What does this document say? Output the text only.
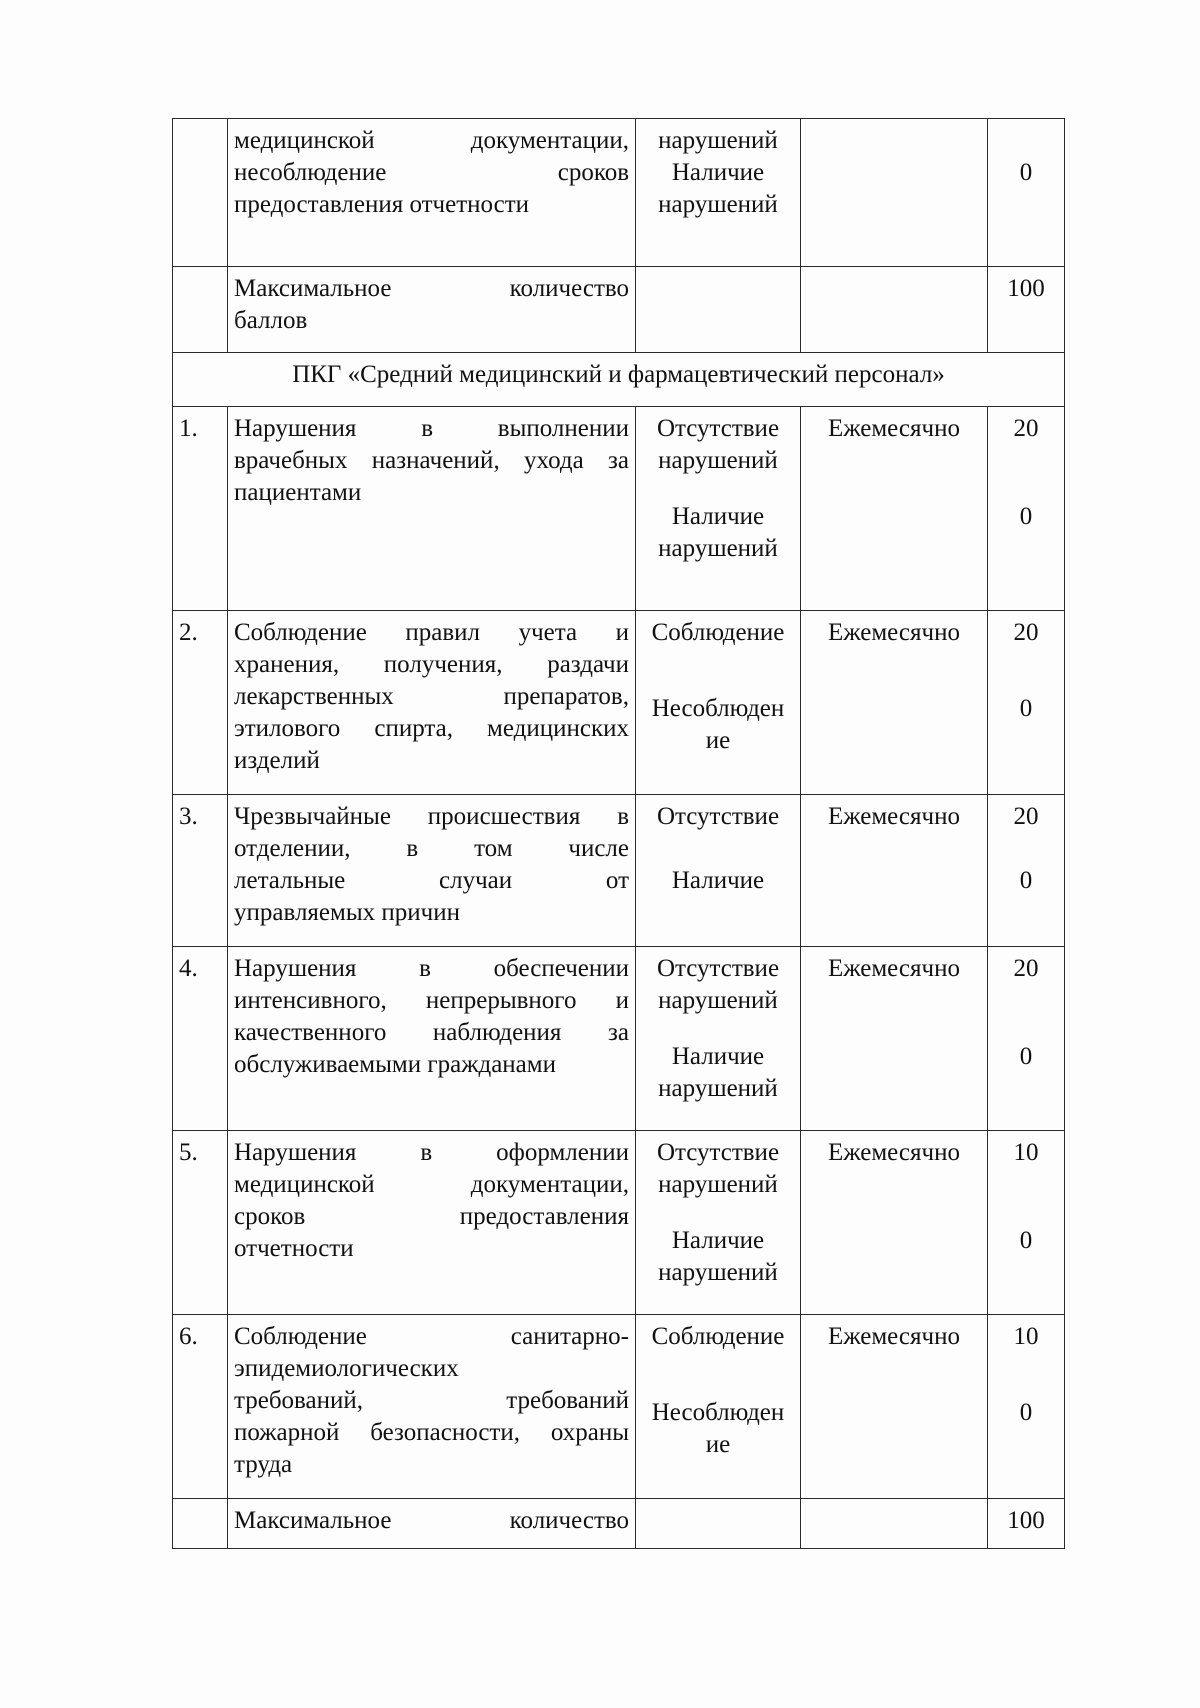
	медицинской документации,
несоблюдение сроков
предоставления отчетности	нарушений
Наличие нарушений		0

	Максимальное количество
баллов			100
ПКГ «Средний медицинский и фармацевтический персонал»				
1.	Нарушения в выполнении
врачебных назначений, ухода за
пациентами	Отсутствие
нарушений
Наличие
нарушений	Ежемесячно	20
0

2.	Соблюдение правил учета и
хранения, получения, раздачи
лекарственных препаратов,
этилового спирта, медицинских
изделий	Соблюдение
Несоблюден
ие	Ежемесячно	20
0

3.	Чрезвычайные происшествия в
отделении, в том числе
летальные случаи от
управляемых причин	Отсутствие
Наличие	Ежемесячно	20
0

4.	Нарушения в обеспечении
интенсивного, непрерывного и
качественного наблюдения за
обслуживаемыми гражданами	Отсутствие
нарушений
Наличие
нарушений	Ежемесячно	20
0

5.	Нарушения в оформлении
медицинской документации,
сроков предоставления
отчетности	Отсутствие
нарушений
Наличие
нарушений	Ежемесячно	10
0

6.	Соблюдение санитарно-
эпидемиологических
требований, требований
пожарной безопасности, охраны
труда	Соблюдение
Несоблюден
ие	Ежемесячно	10
0

	Максимальное количество			100
